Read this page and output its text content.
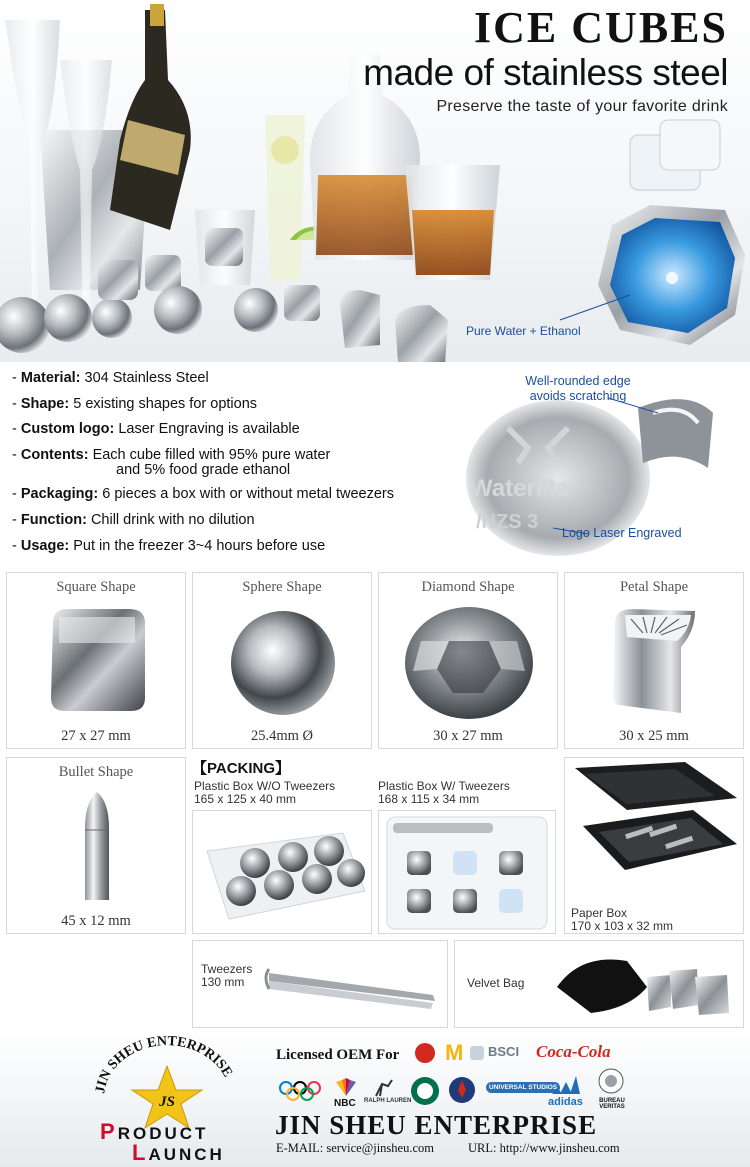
ICE CUBES
made of stainless steel
Preserve the taste of your favorite drink
Pure Water + Ethanol
- Material: 304 Stainless Steel
- Shape: 5 existing shapes for options
- Custom logo: Laser Engraving is available
- Contents: Each cube filled with 95% pure water
and 5% food grade ethanol
- Packaging: 6 pieces a box with or without metal tweezers
- Function: Chill drink with no dilution
- Usage: Put in the freezer 3~4 hours before use
WaterMa
/NZS 3
Well-rounded edge
avoids scratching
Logo Laser Engraved
Square Shape
27 x 27 mm
Sphere Shape
25.4mm Ø
Diamond Shape
30 x 27 mm
Petal Shape
30 x 25 mm
Bullet Shape
45 x 12 mm
【PACKING】
Plastic Box W/O Tweezers
165 x 125 x 40 mm
Plastic Box W/ Tweezers
168 x 115 x 34 mm
Paper Box
170 x 103 x 32 mm
Tweezers
130 mm	Velvet Bag
JIN SHEU ENTERPRISE
JS
PRODUCT
LAUNCH
Licensed OEM For M BSCI Coca-Cola
NBC RALPH LAUREN
UNIVERSAL STUDIOS
adidas	BUREAU VERITAS
JIN SHEU ENTERPRISE
E-MAIL: service@jinsheu.com	URL: http://www.jinsheu.com
